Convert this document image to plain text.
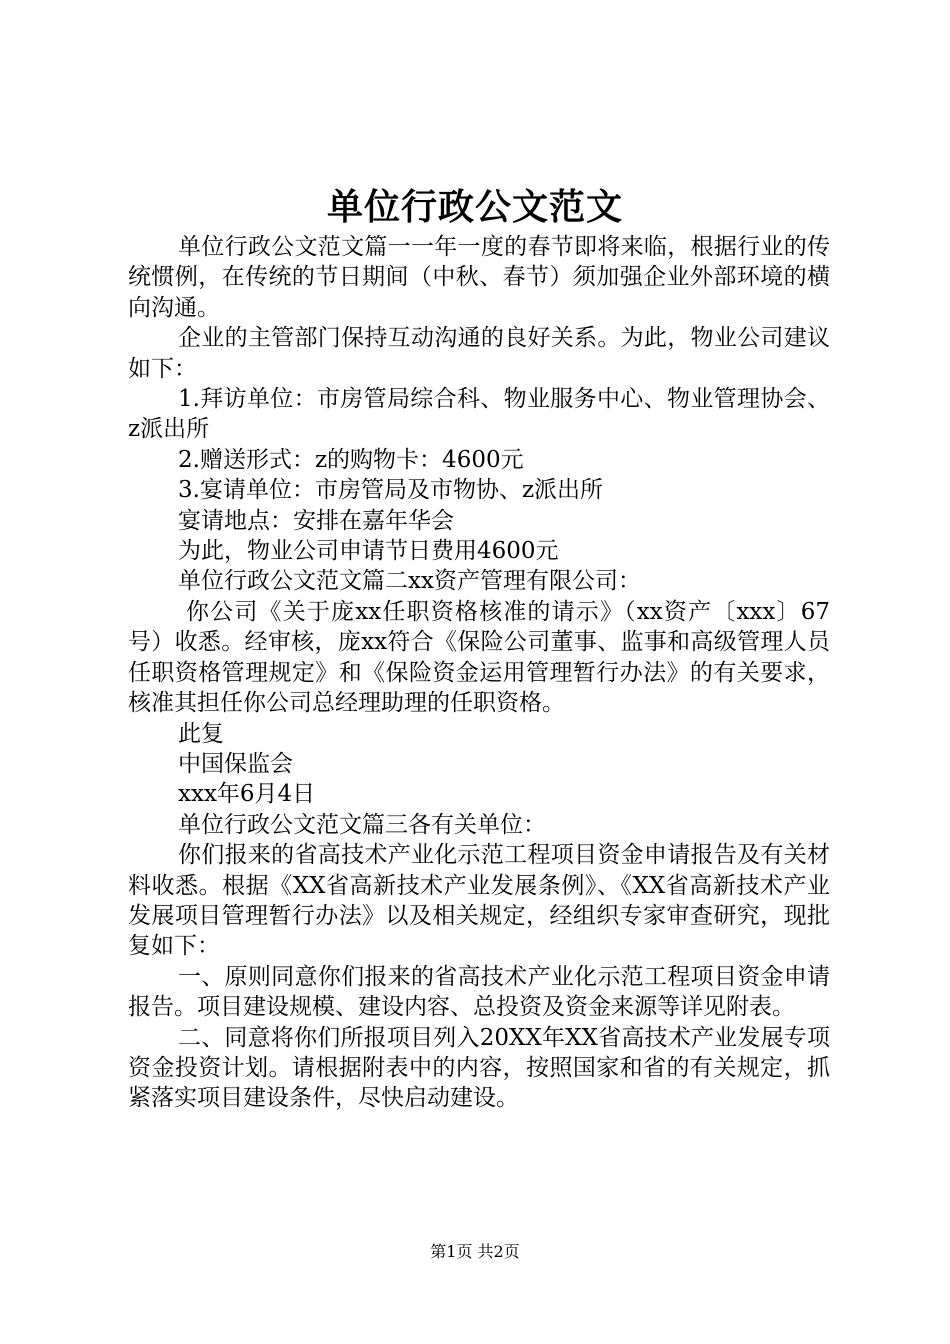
单位行政公文范文

单位行政公文范文篇一一年一度的春节即将来临，根据行业的传统惯例，在传统的节日期间（中秋、春节）须加强企业外部环境的横向沟通。

企业的主管部门保持互动沟通的良好关系。为此，物业公司建议如下：

1.拜访单位：市房管局综合科、物业服务中心、物业管理协会、z派出所

2.赠送形式：z的购物卡：4600元

3.宴请单位：市房管局及市物协、z派出所

宴请地点：安排在嘉年华会

为此，物业公司申请节日费用4600元

单位行政公文范文篇二xx资产管理有限公司：

你公司《关于庞xx任职资格核准的请示》（xx资产〔xxx〕67号）收悉。经审核，庞xx符合《保险公司董事、监事和高级管理人员任职资格管理规定》和《保险资金运用管理暂行办法》的有关要求，核准其担任你公司总经理助理的任职资格。

此复

中国保监会

xxx年6月4日

单位行政公文范文篇三各有关单位：

你们报来的省高技术产业化示范工程项目资金申请报告及有关材料收悉。根据《XX省高新技术产业发展条例》、《XX省高新技术产业发展项目管理暂行办法》以及相关规定，经组织专家审查研究，现批复如下：

一、原则同意你们报来的省高技术产业化示范工程项目资金申请报告。项目建设规模、建设内容、总投资及资金来源等详见附表。

二、同意将你们所报项目列入20XX年XX省高技术产业发展专项资金投资计划。请根据附表中的内容，按照国家和省的有关规定，抓紧落实项目建设条件，尽快启动建设。

第1页 共2页
